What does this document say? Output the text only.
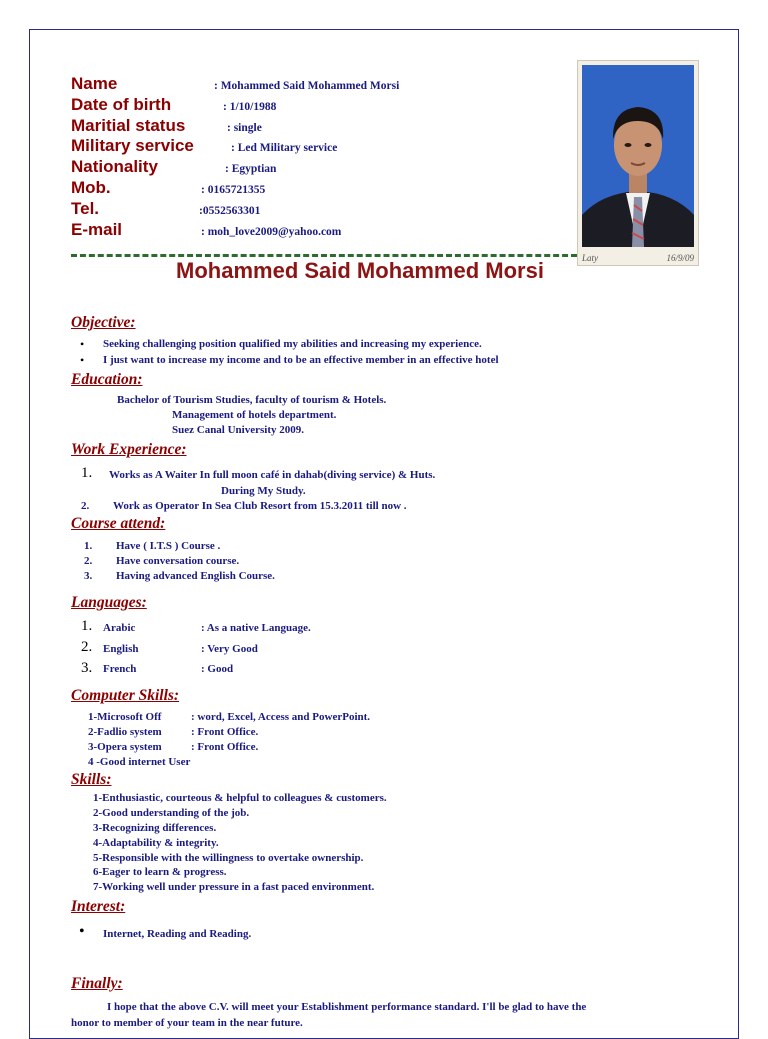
Name	: Mohammed Said Mohammed Morsi
Date of birth	: 1/10/1988
Maritial status	: single
Military service	: Led Military service
Nationality	: Egyptian
Mob.	: 0165721355
Tel.	:0552563301
E-mail	: moh_love2009@yahoo.com
Laty	16/9/09
Mohammed Said Mohammed Morsi
Objective:
• Seeking challenging position qualified my abilities and increasing my experience.
• I just want to increase my income and to be an effective member in an effective hotel
Education:
Bachelor of Tourism Studies, faculty of tourism & Hotels.
Management of hotels department.
Suez Canal University 2009.
Work Experience:
1. Works as A Waiter In full moon café in dahab(diving service) & Huts.
During My Study.
2. Work as Operator In Sea Club Resort from 15.3.2011 till now .
Course attend:
1. Have ( I.T.S ) Course .
2. Have conversation course.
3. Having advanced English Course.
Languages:
1. Arabic	: As a native Language.
2. English	: Very Good
3. French	: Good
Computer Skills:
1-Microsoft Off	: word, Excel, Access and PowerPoint.
2-Fadlio system	: Front Office.
3-Opera system	: Front Office.
4 -Good internet User
Skills:
1-Enthusiastic, courteous & helpful to colleagues & customers.
2-Good understanding of the job.
3-Recognizing differences.
4-Adaptability & integrity.
5-Responsible with the willingness to overtake ownership.
6-Eager to learn & progress.
7-Working well under pressure in a fast paced environment.
Interest:
• Internet, Reading and Reading.
Finally:
I hope that the above C.V. will meet your Establishment performance standard. I'll be glad to have the
honor to member of your team in the near future.
